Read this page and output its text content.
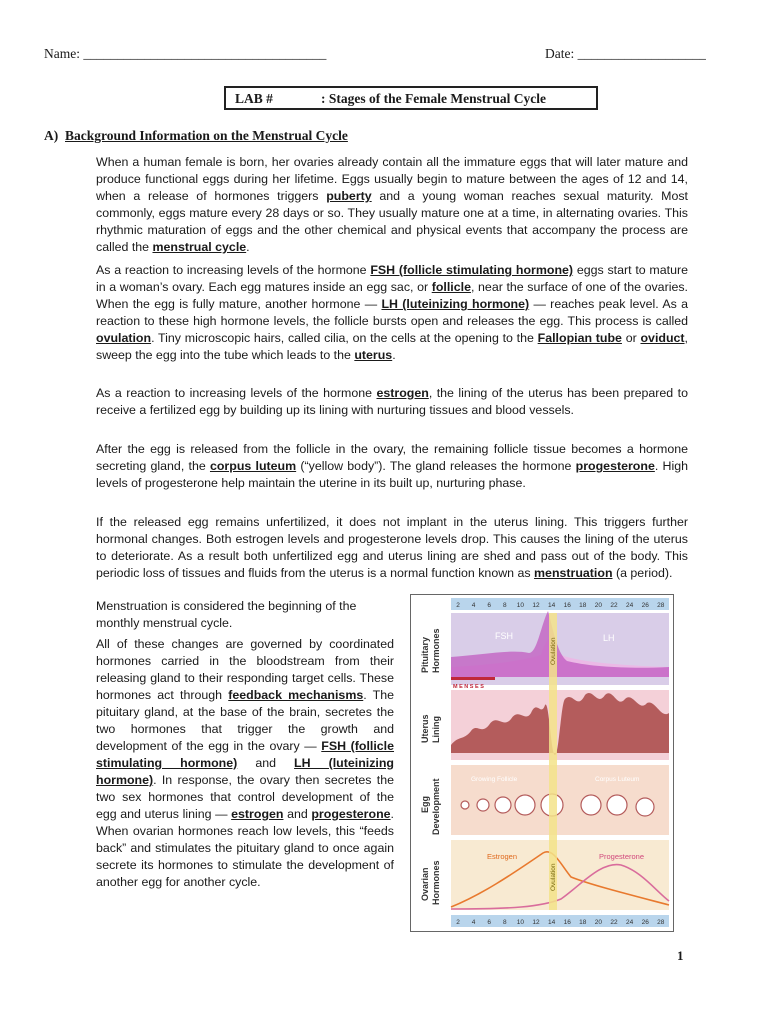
Name: ____________________________________	Date: ___________________
LAB #	: Stages of the Female Menstrual Cycle
A) Background Information on the Menstrual Cycle

When a human female is born, her ovaries already contain all the immature eggs that will later mature and produce functional eggs during her lifetime. Eggs usually begin to mature between the ages of 12 and 14, when a release of hormones triggers puberty and a young woman reaches sexual maturity. Most commonly, eggs mature every 28 days or so. They usually mature one at a time, in alternating ovaries. This rhythmic maturation of eggs and the other chemical and physical events that accompany the process are called the menstrual cycle.

As a reaction to increasing levels of the hormone FSH (follicle stimulating hormone) eggs start to mature in a woman’s ovary. Each egg matures inside an egg sac, or follicle, near the surface of one of the ovaries. When the egg is fully mature, another hormone — LH (luteinizing hormone) — reaches peak level. As a reaction to these high hormone levels, the follicle bursts open and releases the egg. This process is called ovulation. Tiny microscopic hairs, called cilia, on the cells at the opening to the Fallopian tube or oviduct, sweep the egg into the tube which leads to the uterus.

As a reaction to increasing levels of the hormone estrogen, the lining of the uterus has been prepared to receive a fertilized egg by building up its lining with nurturing tissues and blood vessels.

After the egg is released from the follicle in the ovary, the remaining follicle tissue becomes a hormone secreting gland, the corpus luteum (“yellow body”). The gland releases the hormone progesterone. High levels of progesterone help maintain the uterine in its built up, nurturing phase.

If the released egg remains unfertilized, it does not implant in the uterus lining. This triggers further hormonal changes. Both estrogen levels and progesterone levels drop. This causes the lining of the uterus to deteriorate. As a result both unfertilized egg and uterus lining are shed and pass out of the body. This periodic loss of tissues and fluids from the uterus is a normal function known as menstruation (a period).

Menstruation is considered the beginning of the monthly menstrual cycle.

All of these changes are governed by coordinated hormones carried in the bloodstream from their releasing gland to their responding target cells. These hormones act through feedback mechanisms. The pituitary gland, at the base of the brain, secretes the two hormones that trigger the growth and development of the egg in the ovary — FSH (follicle stimulating hormone) and LH (luteinizing hormone). In response, the ovary then secretes the two sex hormones that control development of the egg and uterus lining — estrogen and progesterone. When ovarian hormones reach low levels, this “feeds back” and stimulates the pituitary gland to once again secrete its hormones to stimulate the development of another egg for another cycle.

2 4 6 8 10 12 14 16 18 20 22 24 26 28
2 4 6 8 10 12 14 16 18 20 22 24 26 28
FSH	LH
M E N S E S
Growing Follicle	Corpus Luteum
Estrogen	Progesterone
Ovulation
Ovulation
Pituitary Hormones
Uterus Lining
Egg Development
Ovarian Hormones
1
